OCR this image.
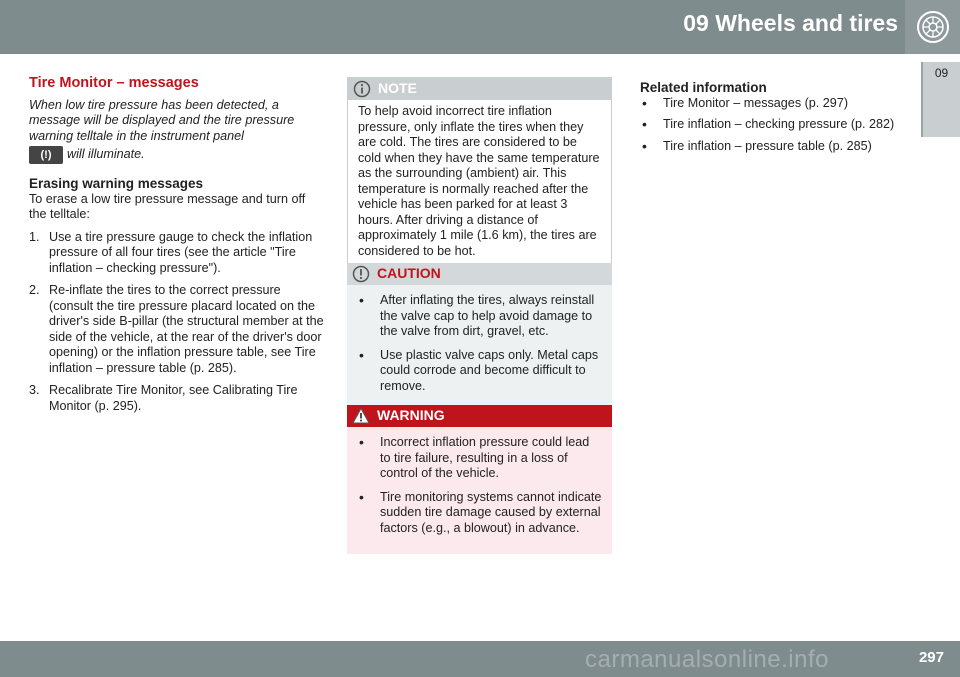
09 Wheels and tires
09
Tire Monitor – messages

When low tire pressure has been detected, a message will be displayed and the tire pressure warning telltale in the instrument panel

(!)	will illuminate.

Erasing warning messages

To erase a low tire pressure message and turn off the telltale:

1. Use a tire pressure gauge to check the inflation pressure of all four tires (see the article "Tire inflation – checking pressure").
2. Re-inflate the tires to the correct pressure (consult the tire pressure placard located on the driver's side B-pillar (the structural member at the side of the vehicle, at the rear of the driver's door opening) or the inflation pressure table, see Tire inflation – pressure table (p. 285).
3. Recalibrate Tire Monitor, see Calibrating Tire Monitor (p. 295).
NOTE
To help avoid incorrect tire inflation pressure, only inflate the tires when they are cold. The tires are considered to be cold when they have the same temperature as the surrounding (ambient) air. This temperature is normally reached after the vehicle has been parked for at least 3 hours. After driving a distance of approximately 1 mile (1.6 km), the tires are considered to be hot.
CAUTION
• After inflating the tires, always reinstall the valve cap to help avoid damage to the valve from dirt, gravel, etc.
• Use plastic valve caps only. Metal caps could corrode and become difficult to remove.
WARNING
• Incorrect inflation pressure could lead to tire failure, resulting in a loss of control of the vehicle.
• Tire monitoring systems cannot indicate sudden tire damage caused by external factors (e.g., a blowout) in advance.
Related information
• Tire Monitor – messages (p. 297)
• Tire inflation – checking pressure (p. 282)
• Tire inflation – pressure table (p. 285)
297
carmanualsonline.info
